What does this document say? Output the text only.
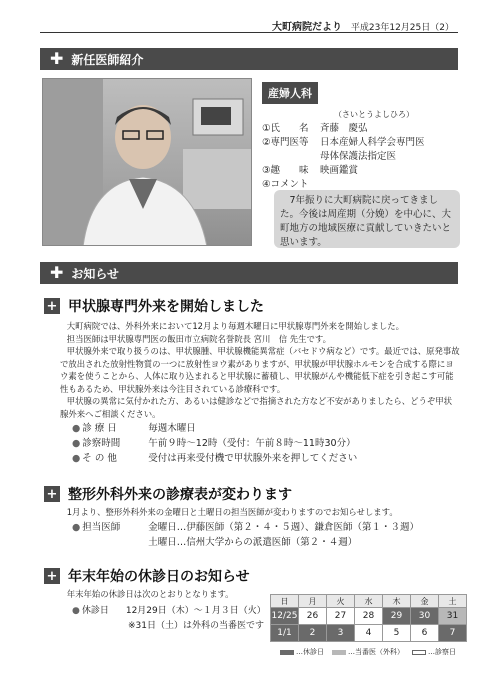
大町病院だより 平成23年12月25日（2）
✚ 新任医師紹介
産婦人科
（さいとうよしひろ）
①氏　　名	斉藤　慶弘
②専門医等	日本産婦人科学会専門医
母体保護法指定医
③趣　　味	映画鑑賞
④コメント
　7年振りに大町病院に戻ってきました。今後は周産期（分娩）を中心に、大町地方の地域医療に貢献していきたいと思います。
✚ お知らせ
+ 甲状腺専門外来を開始しました

大町病院では、外科外来において12月より毎週木曜日に甲状腺専門外来を開始しました。

担当医師は甲状腺専門医の飯田市立病院名誉院長 宮川　信 先生です。

甲状腺外来で取り扱うのは、甲状腺腫、甲状腺機能異常症（バセドウ病など）です。最近では、原発事故で放出された放射性物質の一つに放射性ヨウ素がありますが、甲状腺が甲状腺ホルモンを合成する際にヨウ素を使うことから、人体に取り込まれると甲状腺に蓄積し、甲状腺がんや機能低下症を引き起こす可能性もあるため、甲状腺外来は今注目されている診療科です。

甲状腺の異常に気付かれた方、あるいは健診などで指摘された方など不安がありましたら、どうぞ甲状腺外来へご相談ください。

● 診 療 日	毎週木曜日
● 診察時間	午前９時～12時（受付：午前８時～11時30分）
● そ の 他	受付は再来受付機で甲状腺外来を押してください
+ 整形外科外来の診療表が変わります

1月より、整形外科外来の金曜日と土曜日の担当医師が変わりますのでお知らせします。

● 担当医師	金曜日…伊藤医師（第２・４・５週）、鎌倉医師（第１・３週）
土曜日…信州大学からの派遣医師（第２・４週）
+ 年末年始の休診日のお知らせ

年末年始の休診日は次のとおりとなります。

● 休診日	12月29日（木）～１月３日（火）
※31日（土）は外科の当番医です
日	月	火	水	木	金	土
12/25	26	27	28	29	30	31
1/1	2	3	4	5	6	7
…休診日	…当番医（外科）	…診察日
